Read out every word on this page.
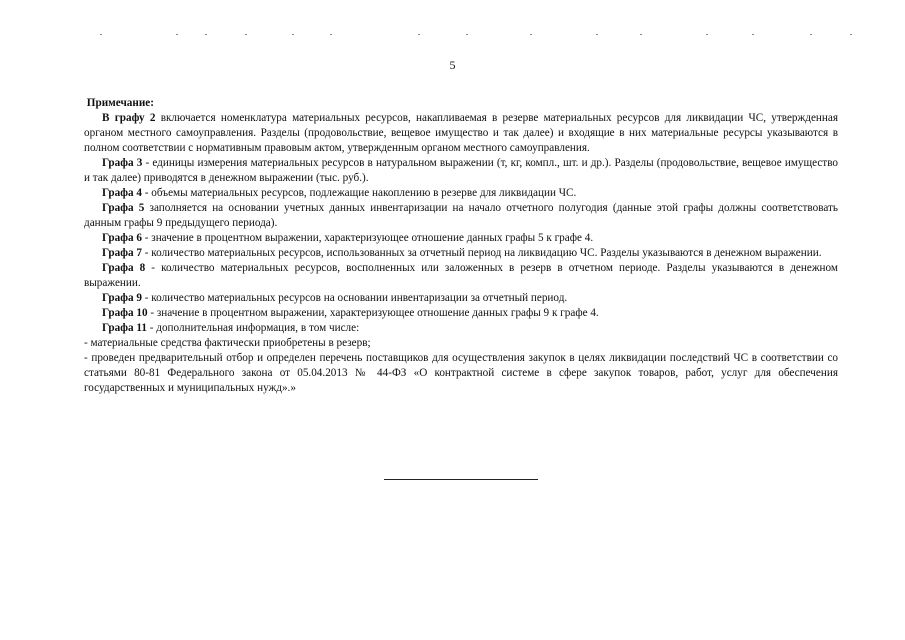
5

Примечание:

В графу 2 включается номенклатура материальных ресурсов, накапливаемая в резерве материальных ресурсов для ликвидации ЧС, утвержденная органом местного самоуправления. Разделы (продовольствие, вещевое имущество и так далее) и входящие в них материальные ресурсы указываются в полном соответствии с нормативным правовым актом, утвержденным органом местного самоуправления.

Графа 3 - единицы измерения материальных ресурсов в натуральном выражении (т, кг, компл., шт. и др.). Разделы (продовольствие, вещевое имущество и так далее) приводятся в денежном выражении (тыс. руб.).

Графа 4 - объемы материальных ресурсов, подлежащие накоплению в резерве для ликвидации ЧС.

Графа 5 заполняется на основании учетных данных инвентаризации на начало отчетного полугодия (данные этой графы должны соответствовать данным графы 9 предыдущего периода).

Графа 6 - значение в процентном выражении, характеризующее отношение данных графы 5 к графе 4.

Графа 7 - количество материальных ресурсов, использованных за отчетный период на ликвидацию ЧС. Разделы указываются в денежном выражении.

Графа 8 - количество материальных ресурсов, восполненных или заложенных в резерв в отчетном периоде. Разделы указываются в денежном выражении.

Графа 9 - количество материальных ресурсов на основании инвентаризации за отчетный период.

Графа 10 - значение в процентном выражении, характеризующее отношение данных графы 9 к графе 4.

Графа 11 - дополнительная информация, в том числе:

- материальные средства фактически приобретены в резерв;

- проведен предварительный отбор и определен перечень поставщиков для осуществления закупок в целях ликвидации последствий ЧС в соответствии со статьями 80-81 Федерального закона от 05.04.2013 № 44-ФЗ «О контрактной системе в сфере закупок товаров, работ, услуг для обеспечения государственных и муниципальных нужд».»
